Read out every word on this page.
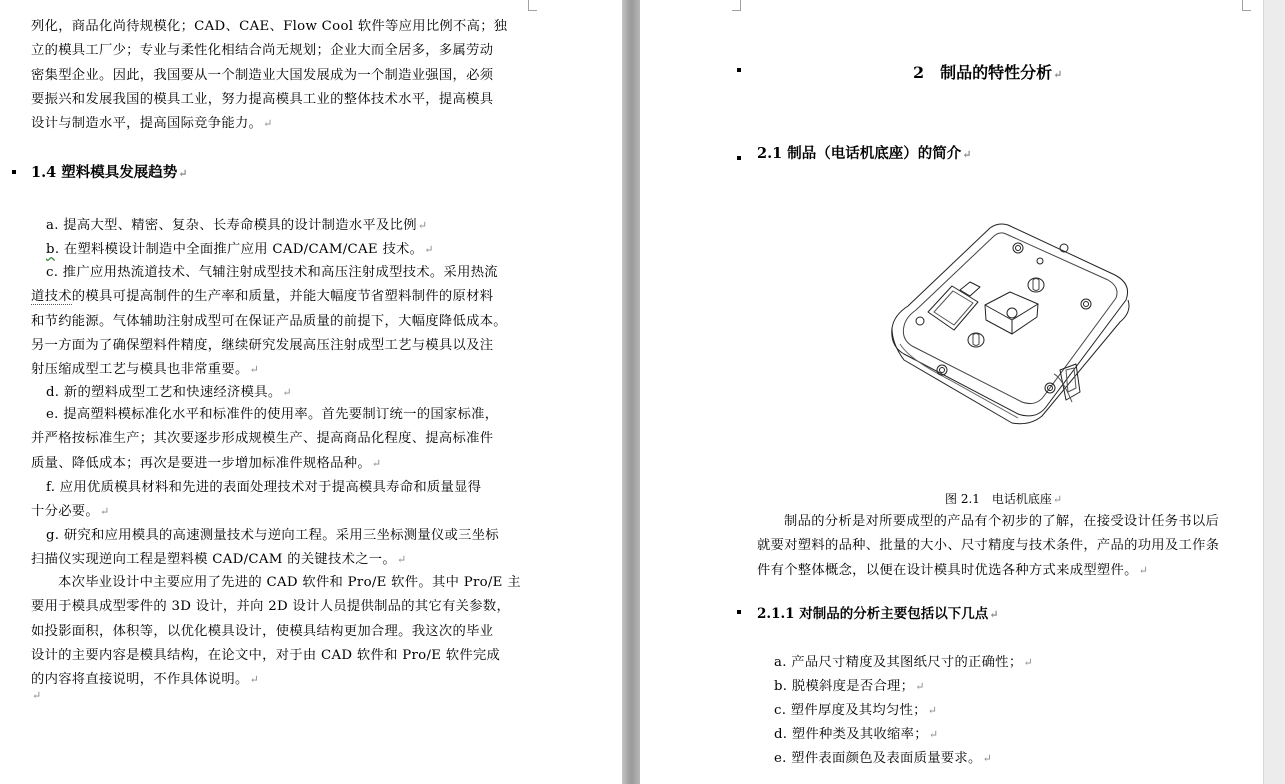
列化，商品化尚待规模化；CAD、CAE、Flow Cool 软件等应用比例不高；独
立的模具工厂少；专业与柔性化相结合尚无规划；企业大而全居多，多属劳动
密集型企业。因此，我国要从一个制造业大国发展成为一个制造业强国，必须
要振兴和发展我国的模具工业，努力提高模具工业的整体技术水平，提高模具
设计与制造水平，提高国际竞争能力。↵

1.4 塑料模具发展趋势↵

a. 提高大型、精密、复杂、长寿命模具的设计制造水平及比例↵
b. 在塑料模设计制造中全面推广应用 CAD/CAM/CAE 技术。↵

c. 推广应用热流道技术、气辅注射成型技术和高压注射成型技术。采用热流
道技术的模具可提高制件的生产率和质量，并能大幅度节省塑料制件的原材料
和节约能源。气体辅助注射成型可在保证产品质量的前提下，大幅度降低成本。
另一方面为了确保塑料件精度，继续研究发展高压注射成型工艺与模具以及注
射压缩成型工艺与模具也非常重要。↵

d. 新的塑料成型工艺和快速经济模具。↵

e. 提高塑料模标准化水平和标准件的使用率。首先要制订统一的国家标准，
并严格按标准生产；其次要逐步形成规模生产、提高商品化程度、提高标准件
质量、降低成本；再次是要进一步增加标准件规格品种。↵

f. 应用优质模具材料和先进的表面处理技术对于提高模具寿命和质量显得
十分必要。↵

g. 研究和应用模具的高速测量技术与逆向工程。采用三坐标测量仪或三坐标
扫描仪实现逆向工程是塑料模 CAD/CAM 的关键技术之一。↵

本次毕业设计中主要应用了先进的 CAD 软件和 Pro/E 软件。其中 Pro/E 主
要用于模具成型零件的 3D 设计，并向 2D 设计人员提供制品的其它有关参数，
如投影面积，体积等，以优化模具设计，使模具结构更加合理。我这次的毕业
设计的主要内容是模具结构，在论文中，对于由 CAD 软件和 Pro/E 软件完成
的内容将直接说明，不作具体说明。↵

↵

2　制品的特性分析↵

2.1 制品（电话机底座）的简介↵

图 2.1　电话机底座↵

制品的分析是对所要成型的产品有个初步的了解，在接受设计任务书以后
就要对塑料的品种、批量的大小、尺寸精度与技术条件，产品的功用及工作条
件有个整体概念，以便在设计模具时优选各种方式来成型塑件。↵

2.1.1 对制品的分析主要包括以下几点↵

a. 产品尺寸精度及其图纸尺寸的正确性；↵
b. 脱模斜度是否合理；↵
c. 塑件厚度及其均匀性；↵
d. 塑件种类及其收缩率；↵
e. 塑件表面颜色及表面质量要求。↵
